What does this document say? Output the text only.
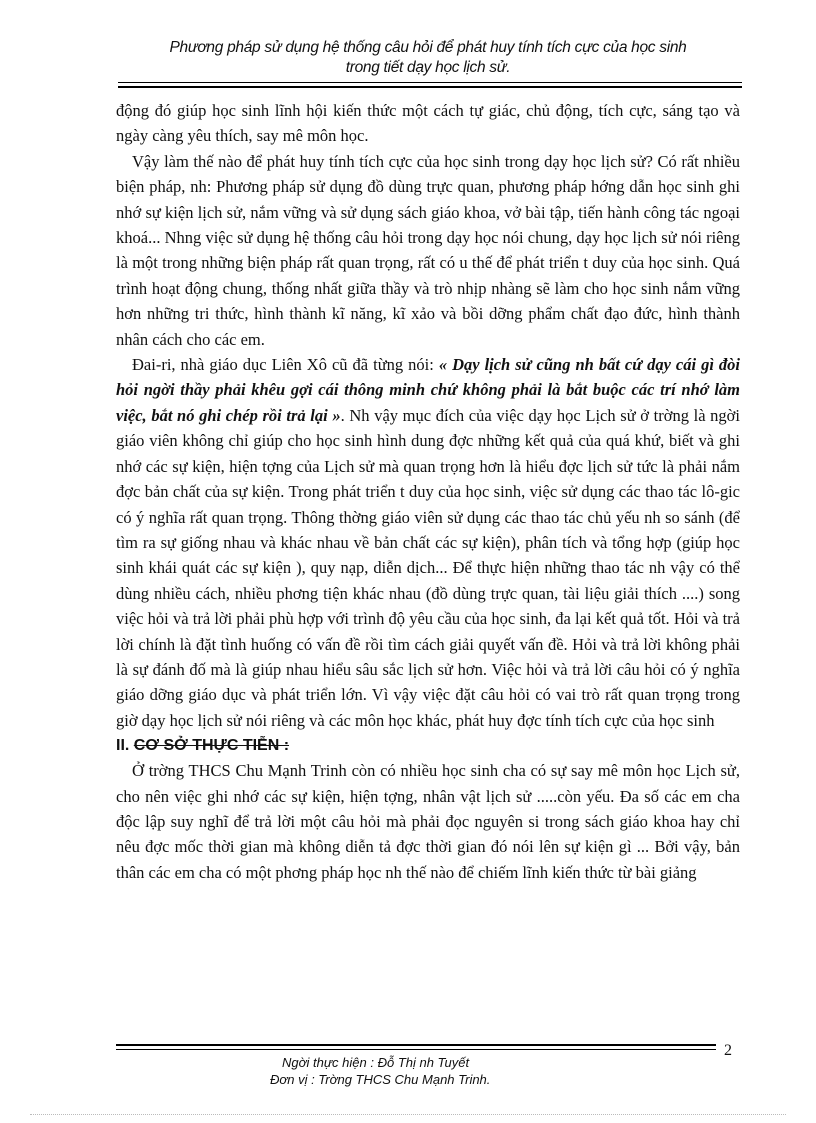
Phương pháp sử dụng hệ thống câu hỏi để phát huy tính tích cực của học sinh
trong tiết dạy học lịch sử.

động đó giúp học sinh lĩnh hội kiến thức một cách tự giác, chủ động, tích cực, sáng tạo và ngày càng yêu thích, say mê môn học.

Vậy làm thế nào để phát huy tính tích cực của học sinh trong dạy học lịch sử? Có rất nhiều biện pháp, nh: Phương pháp sử dụng đồ dùng trực quan, phương pháp hớng dẫn học sinh ghi nhớ sự kiện lịch sử, nắm vững và sử dụng sách giáo khoa, vở bài tập, tiến hành công tác ngoại khoá... Nhng việc sử dụng hệ thống câu hỏi trong dạy học nói chung, dạy học lịch sử nói riêng là một trong những biện pháp rất quan trọng, rất có u thế để phát triển t duy của học sinh. Quá trình hoạt động chung, thống nhất giữa thầy và trò nhịp nhàng sẽ làm cho học sinh nắm vững hơn những tri thức, hình thành kĩ năng, kĩ xảo và bồi dỡng phẩm chất đạo đức, hình thành nhân cách cho các em.

Đai-ri, nhà giáo dục Liên Xô cũ đã từng nói: « Dạy lịch sử cũng nh bất cứ dạy cái gì đòi hỏi ngời thầy phải khêu gợi cái thông minh chứ không phải là bắt buộc các trí nhớ làm việc, bắt nó ghi chép rồi trả lại ». Nh vậy mục đích của việc dạy học Lịch sử ở trờng là ngời giáo viên không chỉ giúp cho học sinh hình dung đợc những kết quả của quá khứ, biết và ghi nhớ các sự kiện, hiện tợng của Lịch sử mà quan trọng hơn là hiểu đợc lịch sử tức là phải nắm đợc bản chất của sự kiện. Trong phát triển t duy của học sinh, việc sử dụng các thao tác lô-gic có ý nghĩa rất quan trọng. Thông thờng giáo viên sử dụng các thao tác chủ yếu nh so sánh (để tìm ra sự giống nhau và khác nhau về bản chất các sự kiện), phân tích và tổng hợp (giúp học sinh khái quát các sự kiện ), quy nạp, diễn dịch... Để thực hiện những thao tác nh vậy có thể dùng nhiều cách, nhiều phơng tiện khác nhau (đồ dùng trực quan, tài liệu giải thích ....) song việc hỏi và trả lời phải phù hợp với trình độ yêu cầu của học sinh, đa lại kết quả tốt. Hỏi và trả lời chính là đặt tình huống có vấn đề rồi tìm cách giải quyết vấn đề. Hỏi và trả lời không phải là sự đánh đố mà là giúp nhau hiểu sâu sắc lịch sử hơn. Việc hỏi và trả lời câu hỏi có ý nghĩa giáo dỡng giáo dục và phát triển lớn. Vì vậy việc đặt câu hỏi có vai trò rất quan trọng trong giờ dạy học lịch sử nói riêng và các môn học khác, phát huy đợc tính tích cực của học sinh

II. CƠ SỞ THỰC TIỄN :

Ở trờng THCS Chu Mạnh Trinh còn có nhiều học sinh cha có sự say mê môn học Lịch sử, cho nên việc ghi nhớ các sự kiện, hiện tợng, nhân vật lịch sử .....còn yếu. Đa số các em cha độc lập suy nghĩ để trả lời một câu hỏi mà phải đọc nguyên si trong sách giáo khoa hay chỉ nêu đợc mốc thời gian mà không diễn tả đợc thời gian đó nói lên sự kiện gì ... Bởi vậy, bản thân các em cha có một phơng pháp học nh thế nào để chiếm lĩnh kiến thức từ bài giảng

2
Ngời thực hiện : Đỗ Thị nh Tuyết
Đơn vị : Trờng THCS Chu Mạnh Trinh.
